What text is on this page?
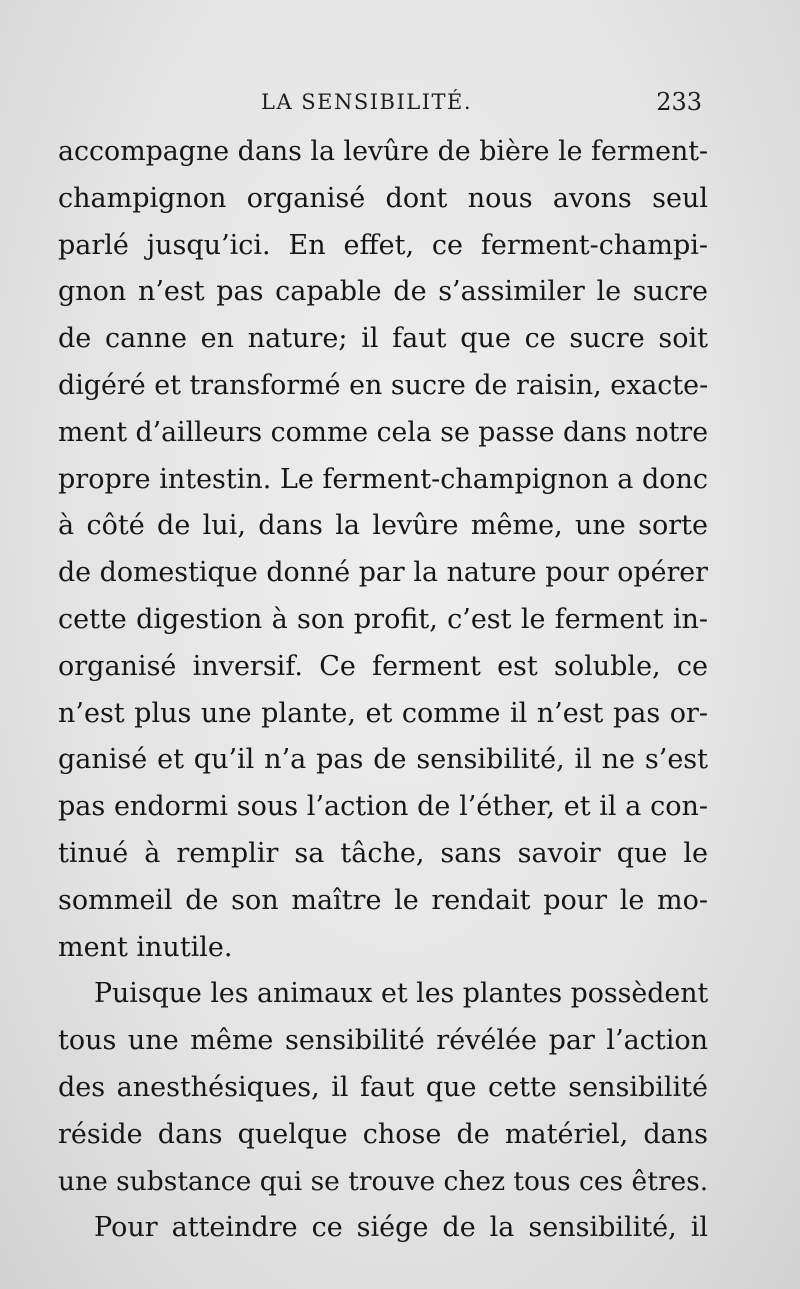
LA SENSIBILITÉ.	233
accompagne dans la levûre de bière le ferment-
champignon organisé dont nous avons seul
parlé jusqu’ici. En effet, ce ferment-champi-
gnon n’est pas capable de s’assimiler le sucre
de canne en nature; il faut que ce sucre soit
digéré et transformé en sucre de raisin, exacte-
ment d’ailleurs comme cela se passe dans notre
propre intestin. Le ferment-champignon a donc
à côté de lui, dans la levûre même, une sorte
de domestique donné par la nature pour opérer
cette digestion à son profit, c’est le ferment in-
organisé inversif. Ce ferment est soluble, ce
n’est plus une plante, et comme il n’est pas or-
ganisé et qu’il n’a pas de sensibilité, il ne s’est
pas endormi sous l’action de l’éther, et il a con-
tinué à remplir sa tâche, sans savoir que le
sommeil de son maître le rendait pour le mo-
ment inutile.
Puisque les animaux et les plantes possèdent
tous une même sensibilité révélée par l’action
des anesthésiques, il faut que cette sensibilité
réside dans quelque chose de matériel, dans
une substance qui se trouve chez tous ces êtres.
Pour atteindre ce siége de la sensibilité, il
